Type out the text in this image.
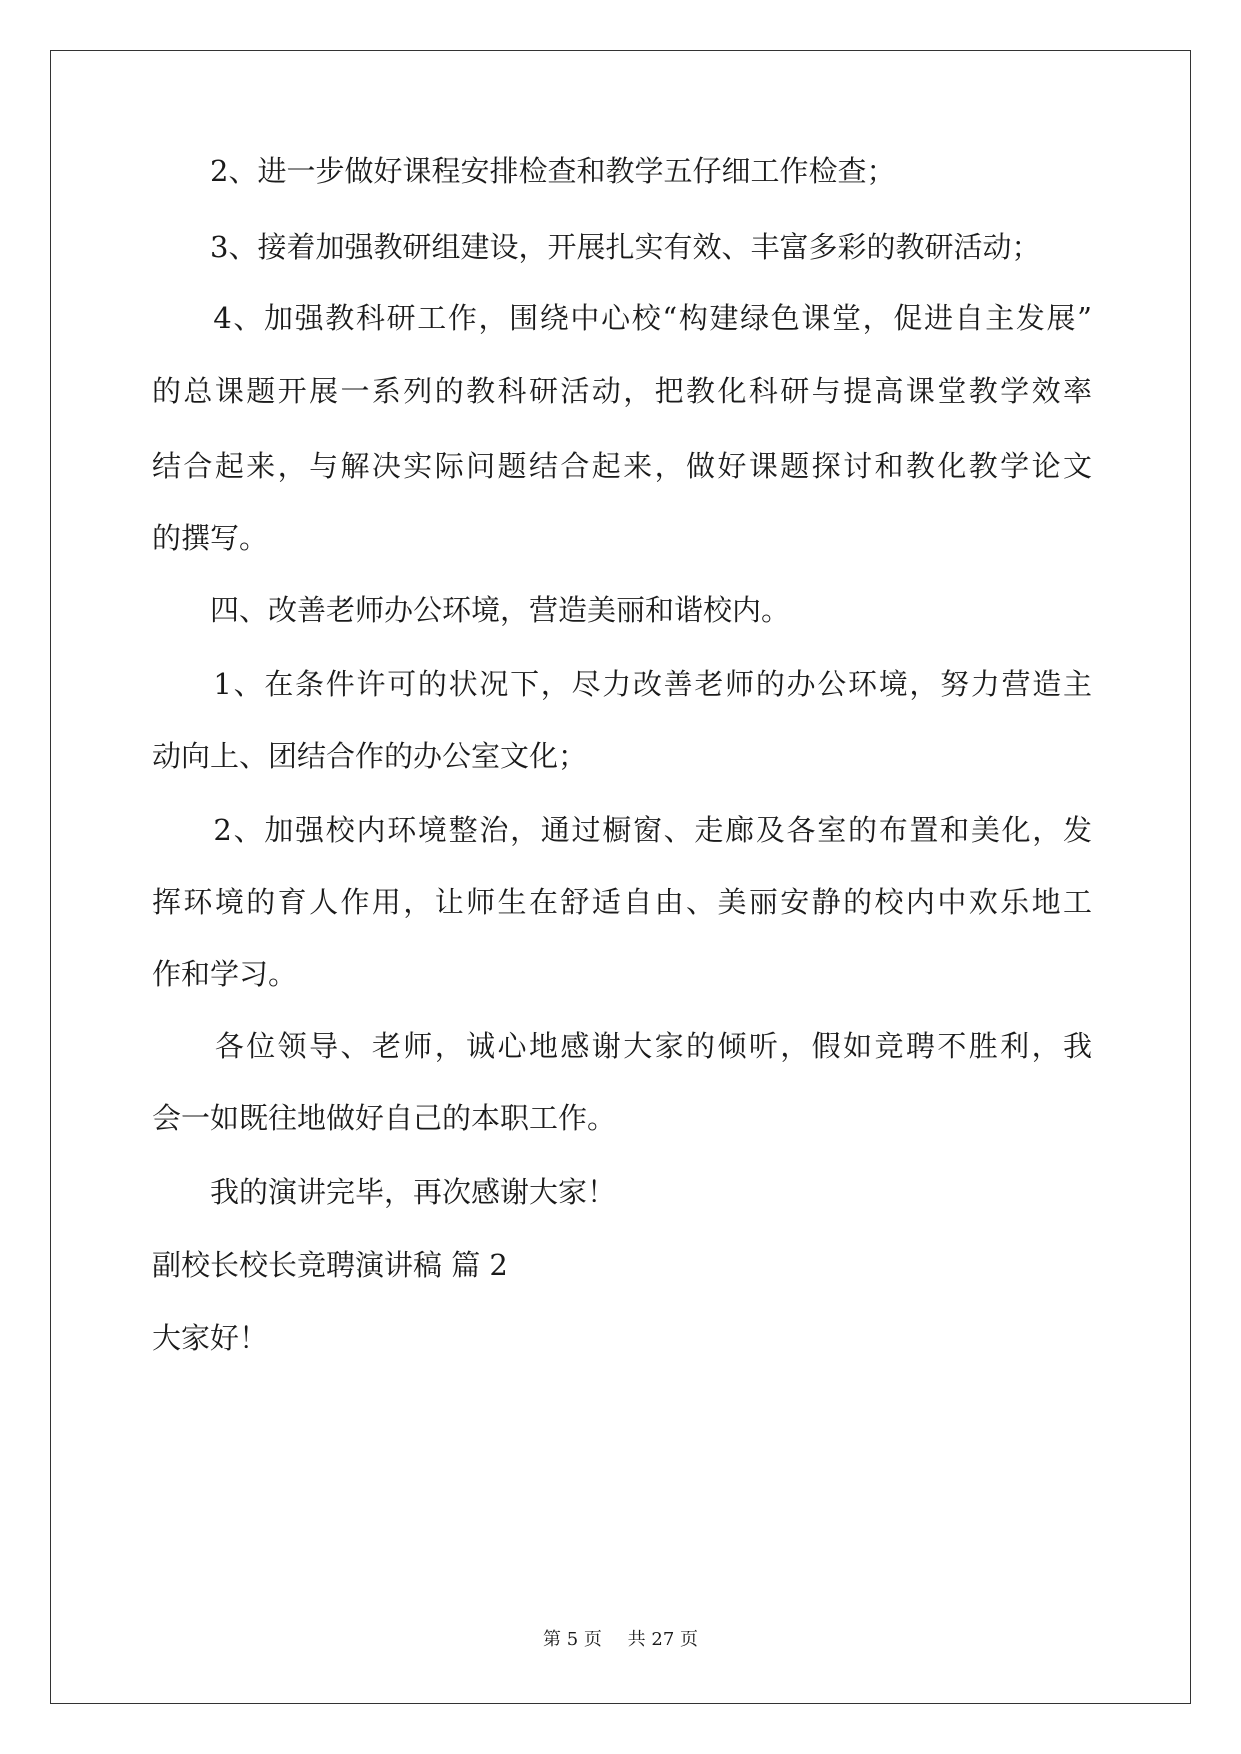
　　2、进一步做好课程安排检查和教学五仔细工作检查；
　　3、接着加强教研组建设，开展扎实有效、丰富多彩的教研活动；
　　4、加强教科研工作，围绕中心校“构建绿色课堂，促进自主发展”
的总课题开展一系列的教科研活动，把教化科研与提高课堂教学效率
结合起来，与解决实际问题结合起来，做好课题探讨和教化教学论文
的撰写。
　　四、改善老师办公环境，营造美丽和谐校内。
　　1、在条件许可的状况下，尽力改善老师的办公环境，努力营造主
动向上、团结合作的办公室文化；
　　2、加强校内环境整治，通过橱窗、走廊及各室的布置和美化，发
挥环境的育人作用，让师生在舒适自由、美丽安静的校内中欢乐地工
作和学习。
　　各位领导、老师，诚心地感谢大家的倾听，假如竞聘不胜利，我
会一如既往地做好自己的本职工作。
　　我的演讲完毕，再次感谢大家！
副校长校长竞聘演讲稿 篇 2
大家好！
第 5 页 共 27 页
